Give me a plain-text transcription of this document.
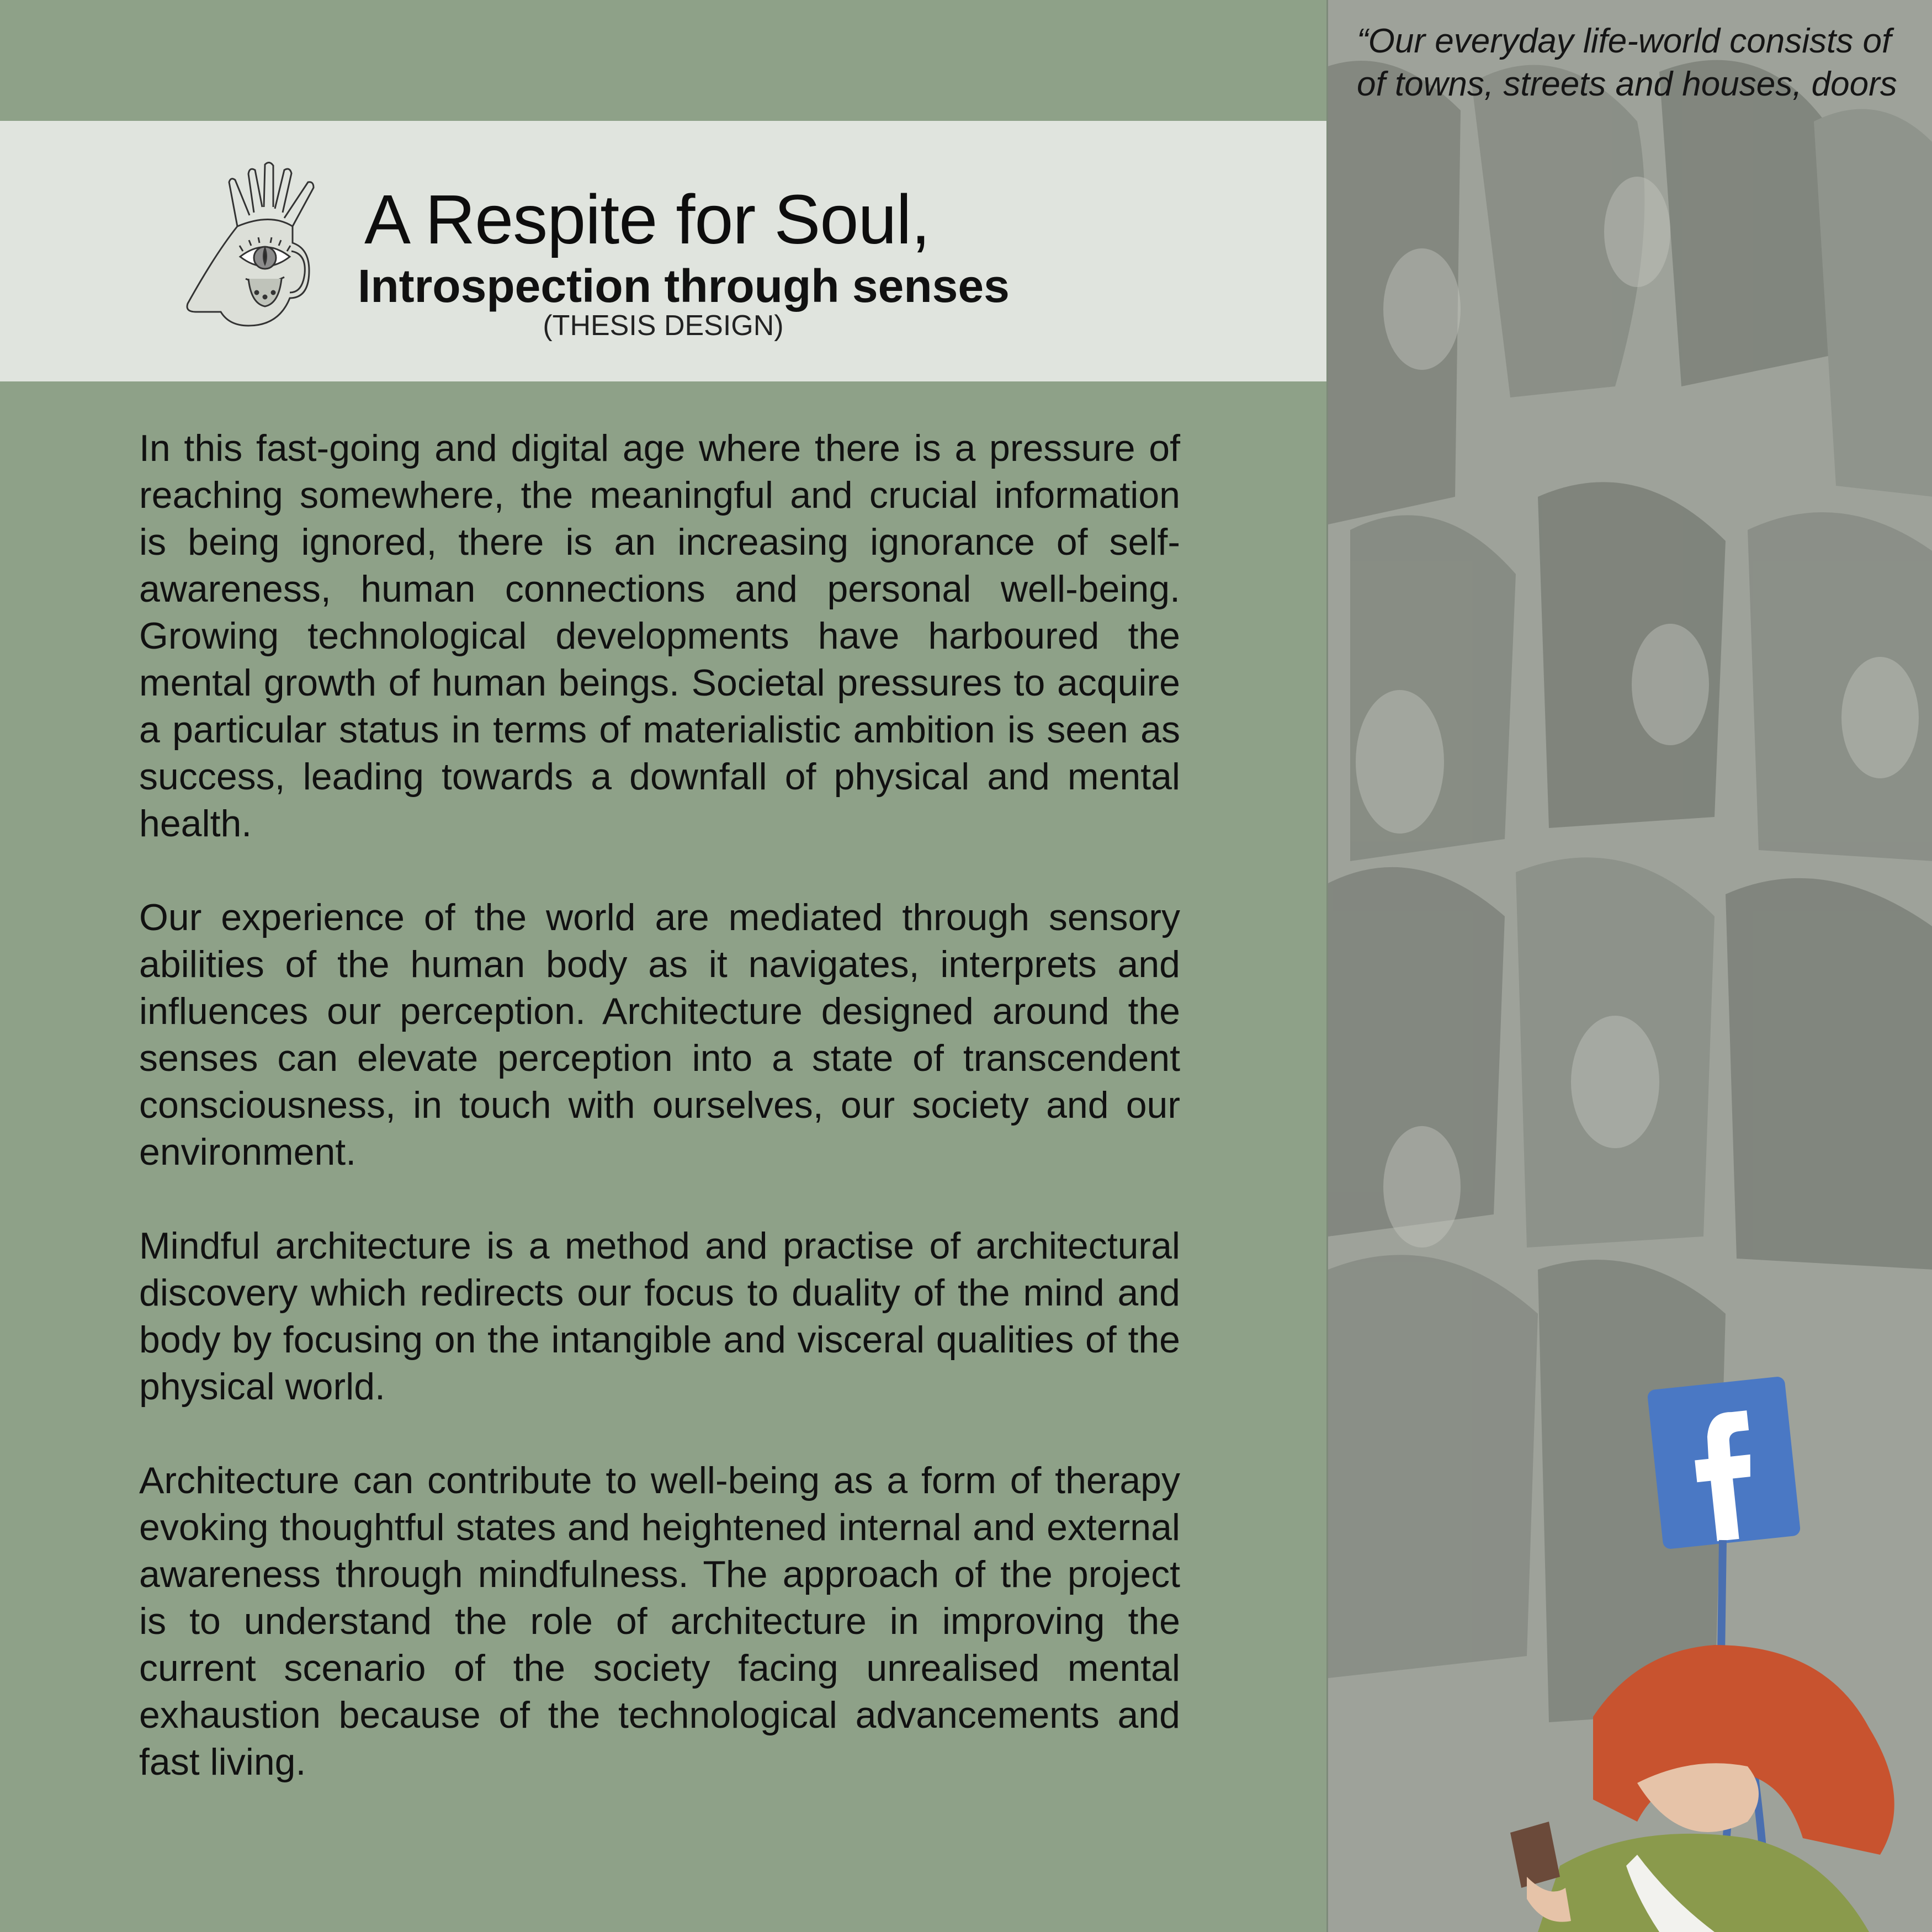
A Respite for Soul,
Introspection through senses
(THESIS DESIGN)

In this fast-going and digital age where there is a pressure of reaching somewhere, the meaningful and crucial information is being ignored, there is an increasing ignorance of self-awareness, human connections and personal well-being. Growing technological developments have harboured the mental growth of human beings. Societal pressures to acquire a particular status in terms of materialistic ambition is seen as success, leading towards a downfall of physical and mental health.

Our experience of the world are mediated through sensory abilities of the human body as it navigates, interprets and influences our perception. Architecture designed around the senses can elevate perception into a state of transcendent consciousness, in touch with ourselves, our society and our environment.

Mindful architecture is a method and practise of architectural discovery which redirects our focus to duality of the mind and body by focusing on the intangible and visceral qualities of the physical world.

Architecture can contribute to well-being as a form of therapy evoking thoughtful states and heightened internal and external awareness through mindfulness. The approach of the project is to understand the role of architecture in improving the current scenario of the society facing unrealised mental exhaustion because of the technological advancements and fast living.

“Our everyday life-world consists of
of towns, streets and houses, doors
